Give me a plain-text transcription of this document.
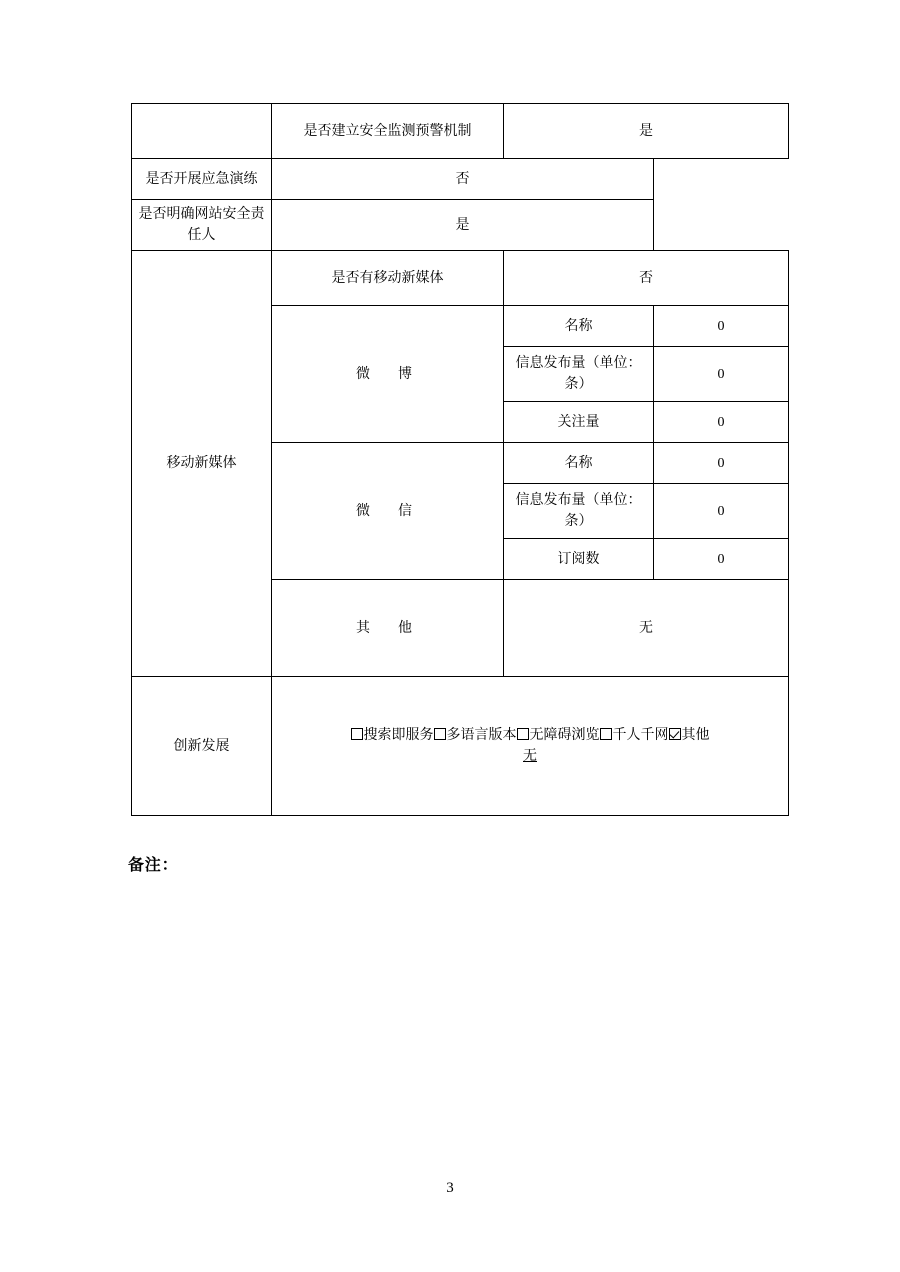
	是否建立安全监测预警机制	是	
是否开展应急演练	否		
是否明确网站安全责任人	是		
移动新媒体	是否有移动新媒体	否	
	微　博	名称	0
		信息发布量（单位：条）	0
		关注量	0
	微　信	名称	0
		信息发布量（单位：条）	0
		订阅数	0
	其　他	无	
创新发展	搜索即服务 多语言版本 无障碍浏览 千人千网 其他
无		
备注：
3
